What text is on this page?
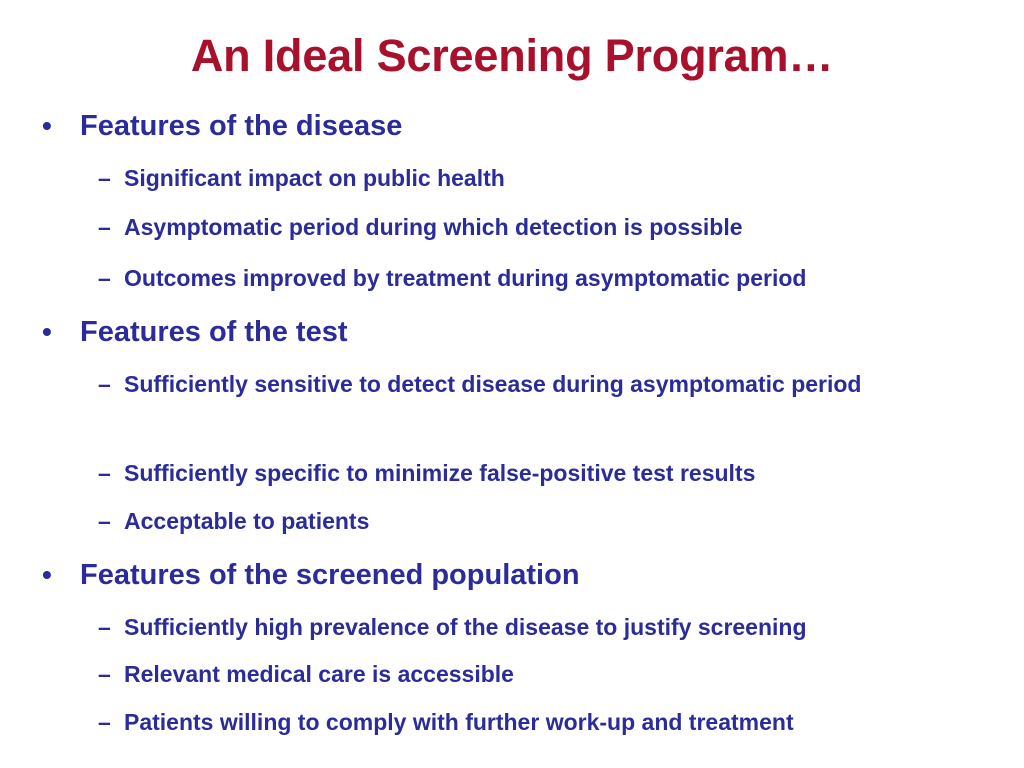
An Ideal Screening Program…
• Features of the disease
– Significant impact on public health
– Asymptomatic period during which detection is possible
– Outcomes improved by treatment during asymptomatic period
• Features of the test
– Sufficiently sensitive to detect disease during asymptomatic period
– Sufficiently specific to minimize false-positive test results
– Acceptable to patients
• Features of the screened population
– Sufficiently high prevalence of the disease to justify screening
– Relevant medical care is accessible
– Patients willing to comply with further work-up and treatment
